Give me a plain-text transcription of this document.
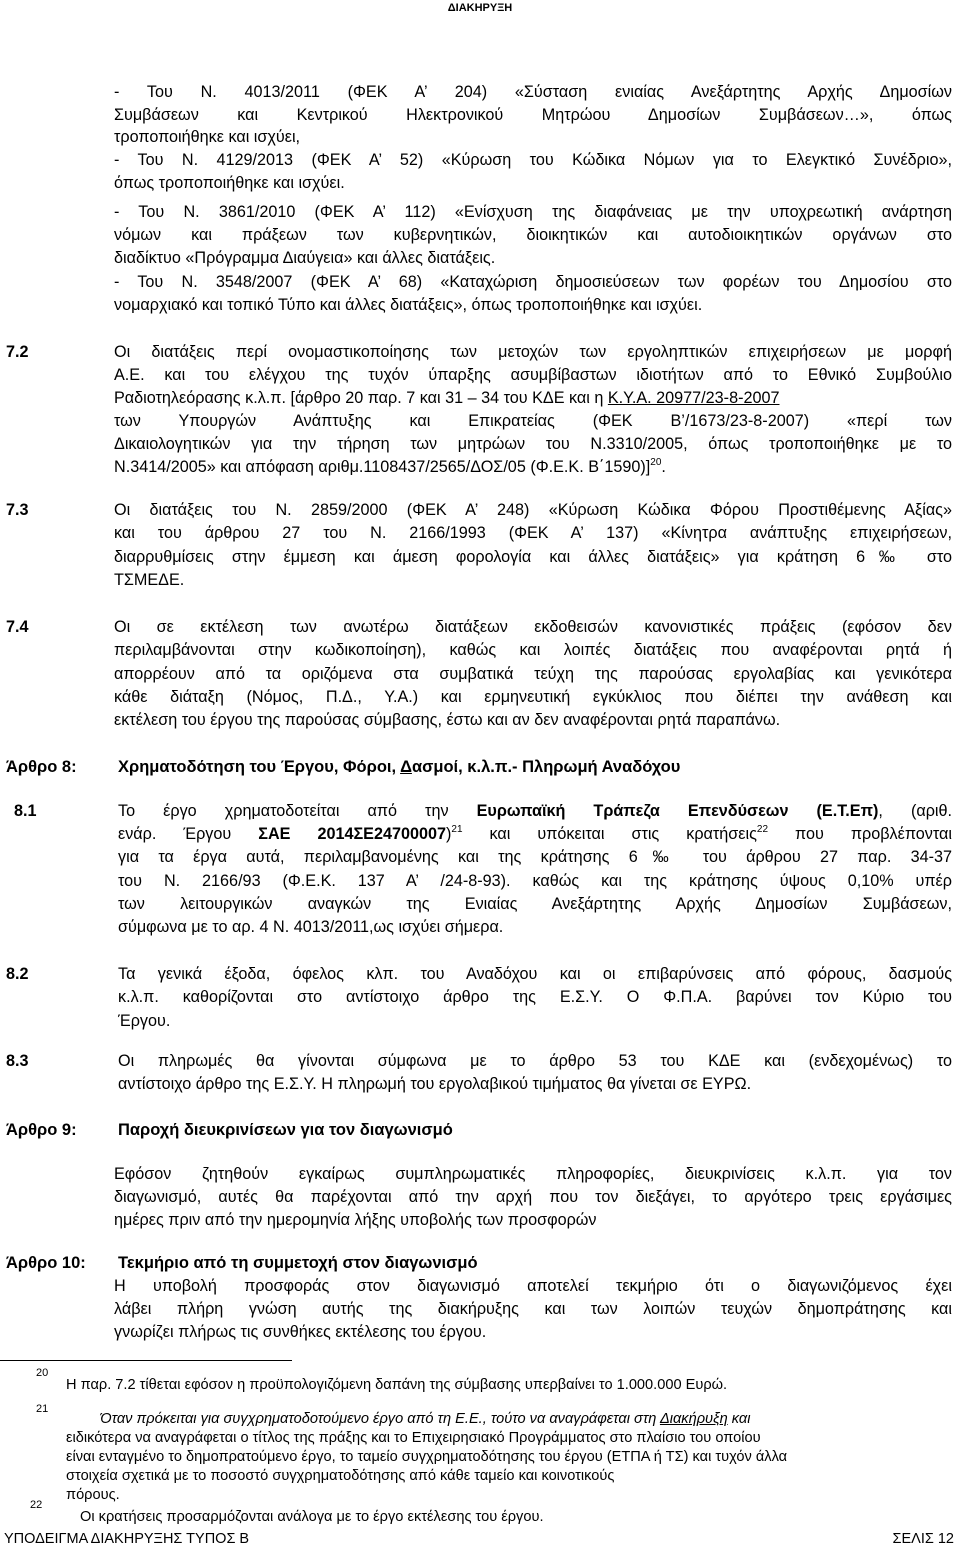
ΔΙΑΚΗΡΥΞΗ
- Του Ν. 4013/2011 (ΦΕΚ Α’ 204) «Σύσταση ενιαίας Ανεξάρτητης Αρχής Δημοσίων
Συμβάσεων και Κεντρικού Ηλεκτρονικού Μητρώου Δημοσίων Συμβάσεων…», όπως
τροποποιήθηκε και ισχύει,
- Του Ν. 4129/2013 (ΦΕΚ Α’ 52) «Κύρωση του Κώδικα Νόμων για το Ελεγκτικό Συνέδριο»,
όπως τροποποιήθηκε και ισχύει.
- Του Ν. 3861/2010 (ΦΕΚ Α’ 112) «Ενίσχυση της διαφάνειας με την υποχρεωτική ανάρτηση
νόμων και πράξεων των κυβερνητικών, διοικητικών και αυτοδιοικητικών οργάνων στο
διαδίκτυο «Πρόγραμμα Διαύγεια» και άλλες διατάξεις.
- Του Ν. 3548/2007 (ΦΕΚ Α’ 68) «Καταχώριση δημοσιεύσεων των φορέων του Δημοσίου στο
νομαρχιακό και τοπικό Τύπο και άλλες διατάξεις», όπως τροποποιήθηκε και ισχύει.
7.2	Οι διατάξεις περί ονομαστικοποίησης των μετοχών των εργοληπτικών επιχειρήσεων με μορφή
Α.Ε. και του ελέγχου της τυχόν ύπαρξης ασυμβίβαστων ιδιοτήτων από το Εθνικό Συμβούλιο
Ραδιοτηλεόρασης κ.λ.π. [άρθρο 20 παρ. 7 και 31 – 34 του ΚΔΕ και η Κ.Υ.Α. 20977/23-8-2007
των Υπουργών Ανάπτυξης και Επικρατείας (ΦΕΚ Β’/1673/23-8-2007) «περί των
Δικαιολογητικών για την τήρηση των μητρώων του Ν.3310/2005, όπως τροποποιήθηκε με το
Ν.3414/2005» και απόφαση αριθμ.1108437/2565/ΔΟΣ/05 (Φ.Ε.Κ. Β΄1590)]$^{20}$.
7.3	Οι διατάξεις του Ν. 2859/2000 (ΦΕΚ Α’ 248) «Κύρωση Κώδικα Φόρου Προστιθέμενης Αξίας»
και του άρθρου 27 του Ν. 2166/1993 (ΦΕΚ Α’ 137) «Κίνητρα ανάπτυξης επιχειρήσεων,
διαρρυθμίσεις στην έμμεση και άμεση φορολογία και άλλες διατάξεις» για κράτηση 6‰ στο
ΤΣΜΕΔΕ.
7.4	Οι σε εκτέλεση των ανωτέρω διατάξεων εκδοθεισών κανονιστικές πράξεις (εφόσον δεν
περιλαμβάνονται στην κωδικοποίηση), καθώς και λοιπές διατάξεις που αναφέρονται ρητά ή
απορρέουν από τα οριζόμενα στα συμβατικά τεύχη της παρούσας εργολαβίας και γενικότερα
κάθε διάταξη (Νόμος, Π.Δ., Υ.Α.) και ερμηνευτική εγκύκλιος που διέπει την ανάθεση και
εκτέλεση του έργου της παρούσας σύμβασης, έστω και αν δεν αναφέρονται ρητά παραπάνω.
Άρθρο 8:	Χρηματοδότηση του Έργου, Φόροι, Δασμοί, κ.λ.π.- Πληρωμή Αναδόχου
8.1	Το έργο χρηματοδοτείται από την Ευρωπαϊκή Τράπεζα Επενδύσεων (Ε.Τ.Επ), (αριθ.
ενάρ. Έργου ΣΑΕ 2014ΣΕ24700007)$^{21}$ και υπόκειται στις κρατήσεις$^{22}$ που προβλέπονται
για τα έργα αυτά, περιλαμβανομένης και της κράτησης 6‰ του άρθρου 27 παρ. 34-37
του Ν. 2166/93 (Φ.Ε.Κ. 137 Α’ /24-8-93). καθώς και της κράτησης ύψους 0,10% υπέρ
των λειτουργικών αναγκών της Ενιαίας Ανεξάρτητης Αρχής Δημοσίων Συμβάσεων,
σύμφωνα με το αρ. 4 Ν. 4013/2011,ως ισχύει σήμερα.
8.2	Τα γενικά έξοδα, όφελος κλπ. του Αναδόχου και οι επιβαρύνσεις από φόρους, δασμούς
κ.λ.π. καθορίζονται στο αντίστοιχο άρθρο της Ε.Σ.Υ. Ο Φ.Π.Α. βαρύνει τον Κύριο του
Έργου.
8.3	Οι πληρωμές θα γίνονται σύμφωνα με το άρθρο 53 του ΚΔΕ και (ενδεχομένως) το
αντίστοιχο άρθρο της Ε.Σ.Υ. Η πληρωμή του εργολαβικού τιμήματος θα γίνεται σε ΕΥΡΩ.
Άρθρο 9:	Παροχή διευκρινίσεων για τον διαγωνισμό
Εφόσον ζητηθούν εγκαίρως συμπληρωματικές πληροφορίες, διευκρινίσεις κ.λ.π. για τον
διαγωνισμό, αυτές θα παρέχονται από την αρχή που τον διεξάγει, το αργότερο τρεις εργάσιμες
ημέρες πριν από την ημερομηνία λήξης υποβολής των προσφορών
Άρθρο 10: Τεκμήριο από τη συμμετοχή στον διαγωνισμό
Η υποβολή προσφοράς στον διαγωνισμό αποτελεί τεκμήριο ότι ο διαγωνιζόμενος έχει
λάβει πλήρη γνώση αυτής της διακήρυξης και των λοιπών τευχών δημοπράτησης και
γνωρίζει πλήρως τις συνθήκες εκτέλεσης του έργου.
20
Η παρ. 7.2 τίθεται εφόσον η προϋπολογιζόμενη δαπάνη της σύμβασης υπερβαίνει το 1.000.000 Ευρώ.
21
Όταν πρόκειται για συγχρηματοδοτούμενο έργο από τη Ε.Ε., τούτο να αναγράφεται στη Διακήρυξη και
ειδικότερα να αναγράφεται ο τίτλος της πράξης και το Επιχειρησιακό Προγράμματος στο πλαίσιο του οποίου
είναι ενταγμένο το δημοπρατούμενο έργο, το ταμείο συγχρηματοδότησης του έργου (ΕΤΠΑ ή ΤΣ) και τυχόν άλλα
στοιχεία σχετικά με το ποσοστό συγχρηματοδότησης από κάθε ταμείο και κοινοτικούς
πόρους.
22
Οι κρατήσεις προσαρμόζονται ανάλογα με το έργο εκτέλεσης του έργου.
ΥΠΟΔΕΙΓΜΑ ΔΙΑΚΗΡΥΞΗΣ ΤΥΠΟΣ Β	ΣΕΛΙΣ 12
